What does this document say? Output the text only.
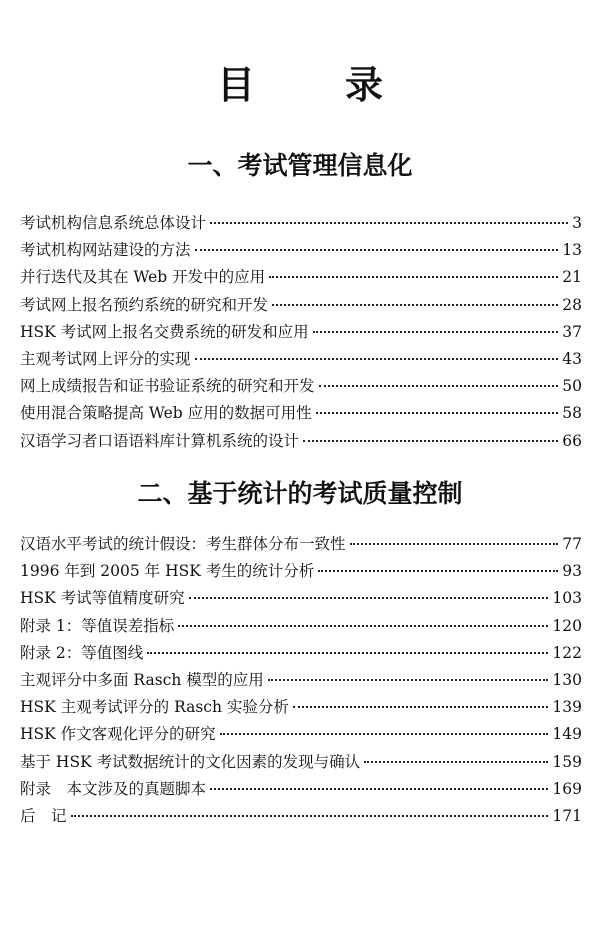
目　录
一、考试管理信息化
考试机构信息系统总体设计	3
考试机构网站建设的方法	13
并行迭代及其在 Web 开发中的应用	21
考试网上报名预约系统的研究和开发	28
HSK 考试网上报名交费系统的研发和应用	37
主观考试网上评分的实现	43
网上成绩报告和证书验证系统的研究和开发	50
使用混合策略提高 Web 应用的数据可用性	58
汉语学习者口语语料库计算机系统的设计	66
二、基于统计的考试质量控制
汉语水平考试的统计假设：考生群体分布一致性	77
1996 年到 2005 年 HSK 考生的统计分析	93
HSK 考试等值精度研究	103
附录 1：等值误差指标	120
附录 2：等值图线	122
主观评分中多面 Rasch 模型的应用	130
HSK 主观考试评分的 Rasch 实验分析	139
HSK 作文客观化评分的研究	149
基于 HSK 考试数据统计的文化因素的发现与确认	159
附录　本文涉及的真题脚本	169
后　记	171
